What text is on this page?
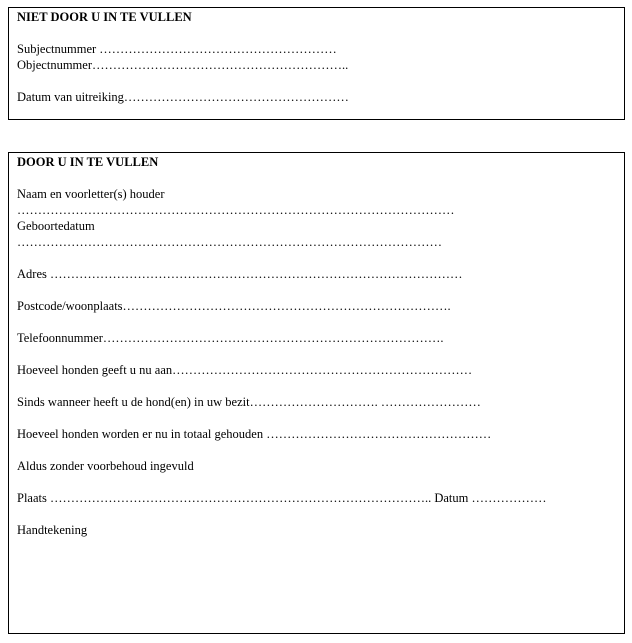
NIET DOOR U IN TE VULLEN
Subjectnummer …………………………………………………
Objectnummer……………………………………………………..
Datum van uitreiking………………………………………………
DOOR U IN TE VULLEN
Naam en voorletter(s) houder
……………………………………………………………………………………………
Geboortedatum
…………………………………………………………………………………………
Adres ………………………………………………………………………………………
Postcode/woonplaats…………………………………………………………………….
Telefoonnummer……………………………………………………………………….
Hoeveel honden geeft u nu aan………………………………………………………………
Sinds wanneer heeft u de hond(en) in uw bezit…………………………. ……………………
Hoeveel honden worden er nu in totaal gehouden ………………………………………………
Aldus zonder voorbehoud ingevuld
Plaats ……………………………………………………………………………….. Datum ………………
Handtekening
